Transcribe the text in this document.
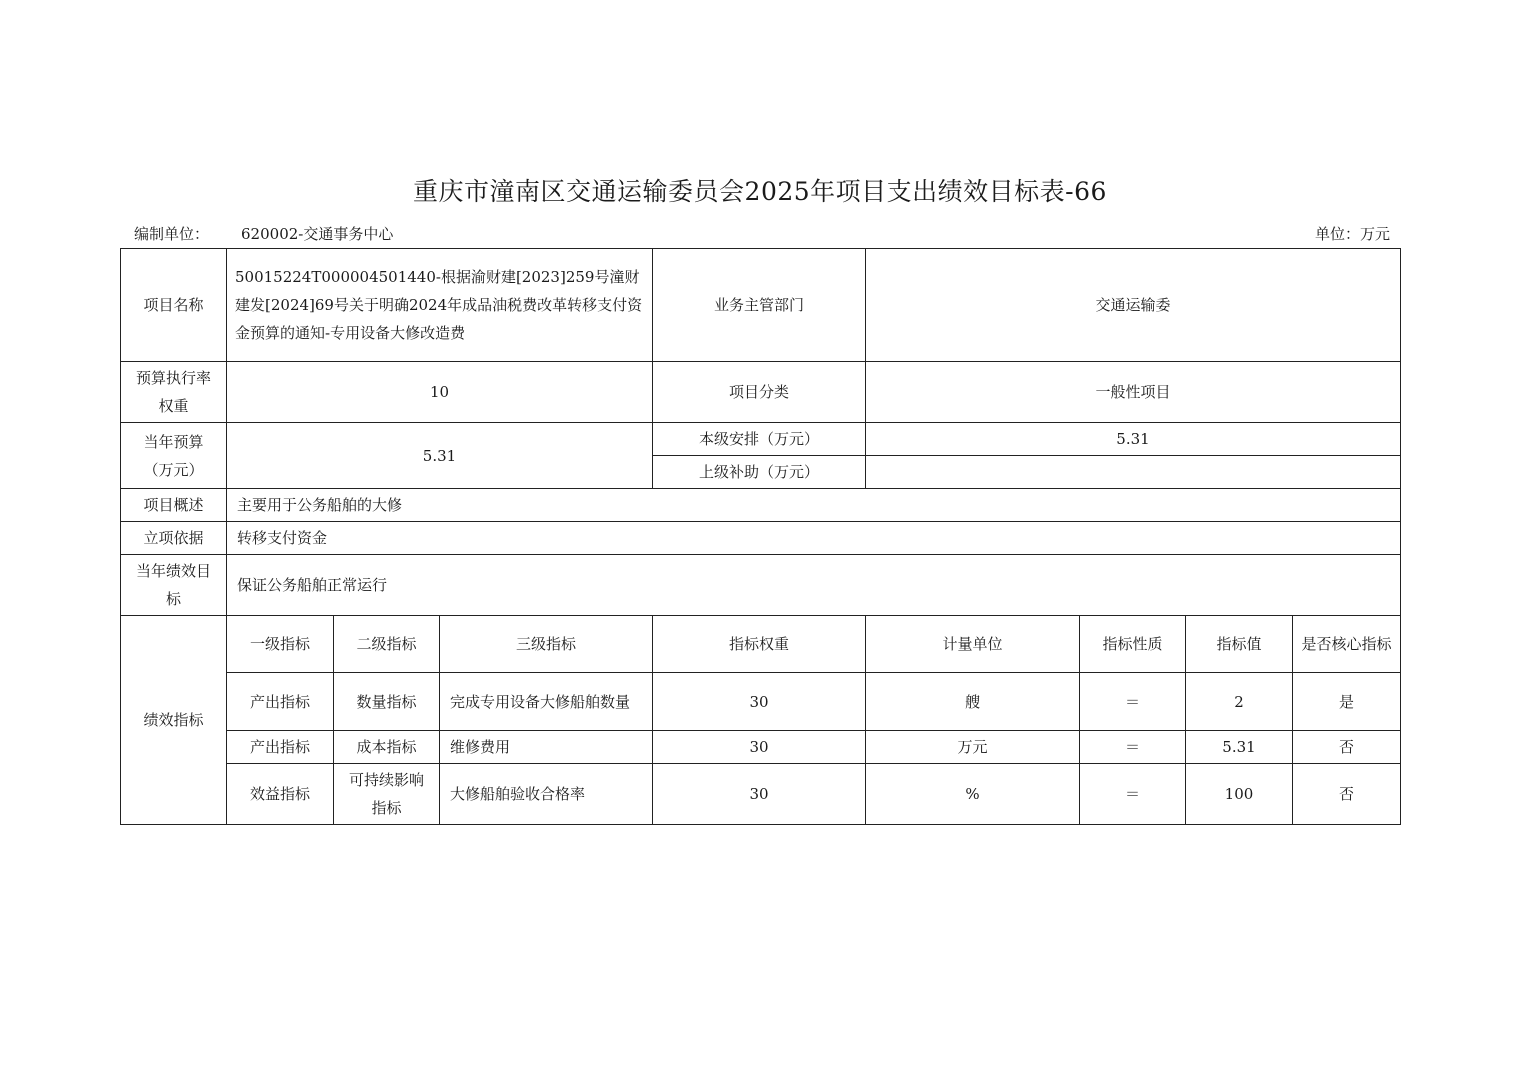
重庆市潼南区交通运输委员会2025年项目支出绩效目标表-66
编制单位： 620002-交通事务中心	单位：万元
项目名称	50015224T000004501440-根据渝财建[2023]259号潼财建发[2024]69号关于明确2024年成品油税费改革转移支付资金预算的通知-专用设备大修改造费			业务主管部门	交通运输委			
预算执行率权重	10			项目分类	一般性项目			
当年预算（万元）	5.31			本级安排（万元）	5.31			
				上级补助（万元）				
项目概述	主要用于公务船舶的大修							
立项依据	转移支付资金							
当年绩效目标	保证公务船舶正常运行							
绩效指标	一级指标	二级指标	三级指标	指标权重	计量单位	指标性质	指标值	是否核心指标
	产出指标	数量指标	完成专用设备大修船舶数量	30	艘	＝	2	是
	产出指标	成本指标	维修费用	30	万元	＝	5.31	否
	效益指标	可持续影响指标	大修船舶验收合格率	30	%	＝	100	否
